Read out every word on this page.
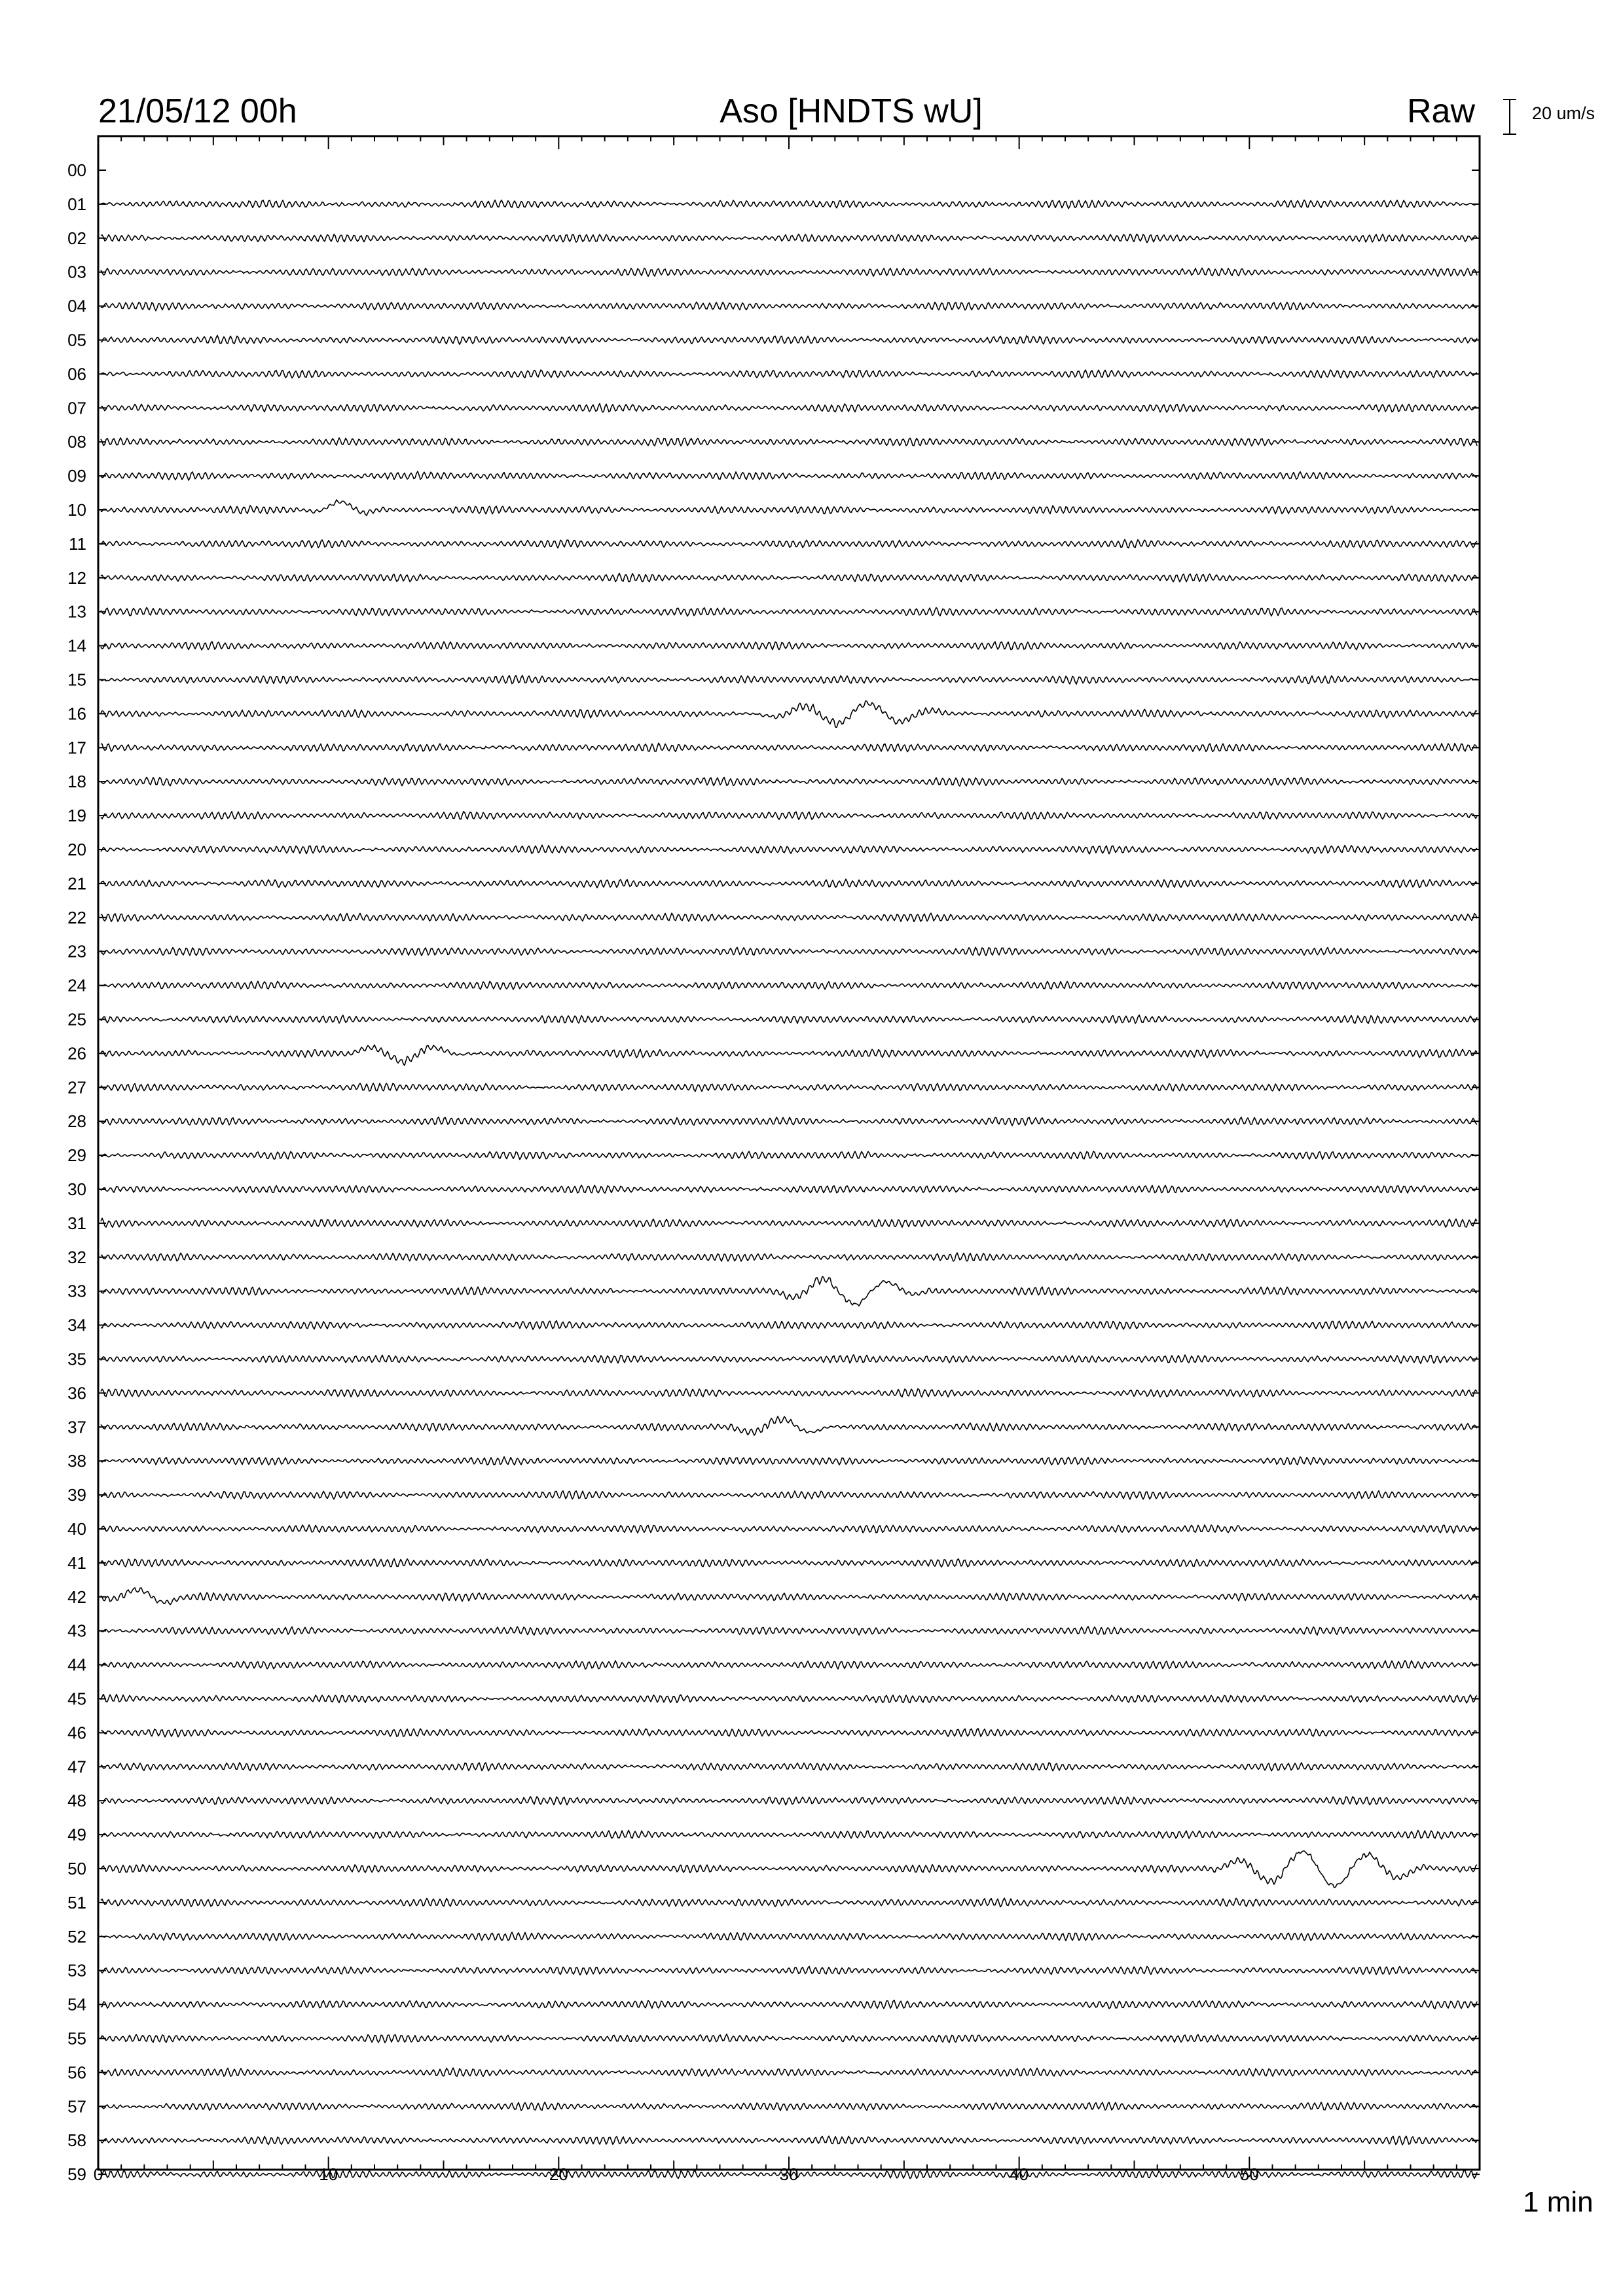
21/05/12 00h	Aso [HNDTS wU]	Raw	20 um/s
1 min
00
01
02
03
04
05
06
07
08
09
10
11
12
13
14
15
16
17
18
19
20
21
22
23
24
25
26
27
28
29
30
31
32
33
34
35
36
37
38
39
40
41
42
43
44
45
46
47
48
49
50
51
52
53
54
55
56
57
58
59 0	10	20	30	40	50
